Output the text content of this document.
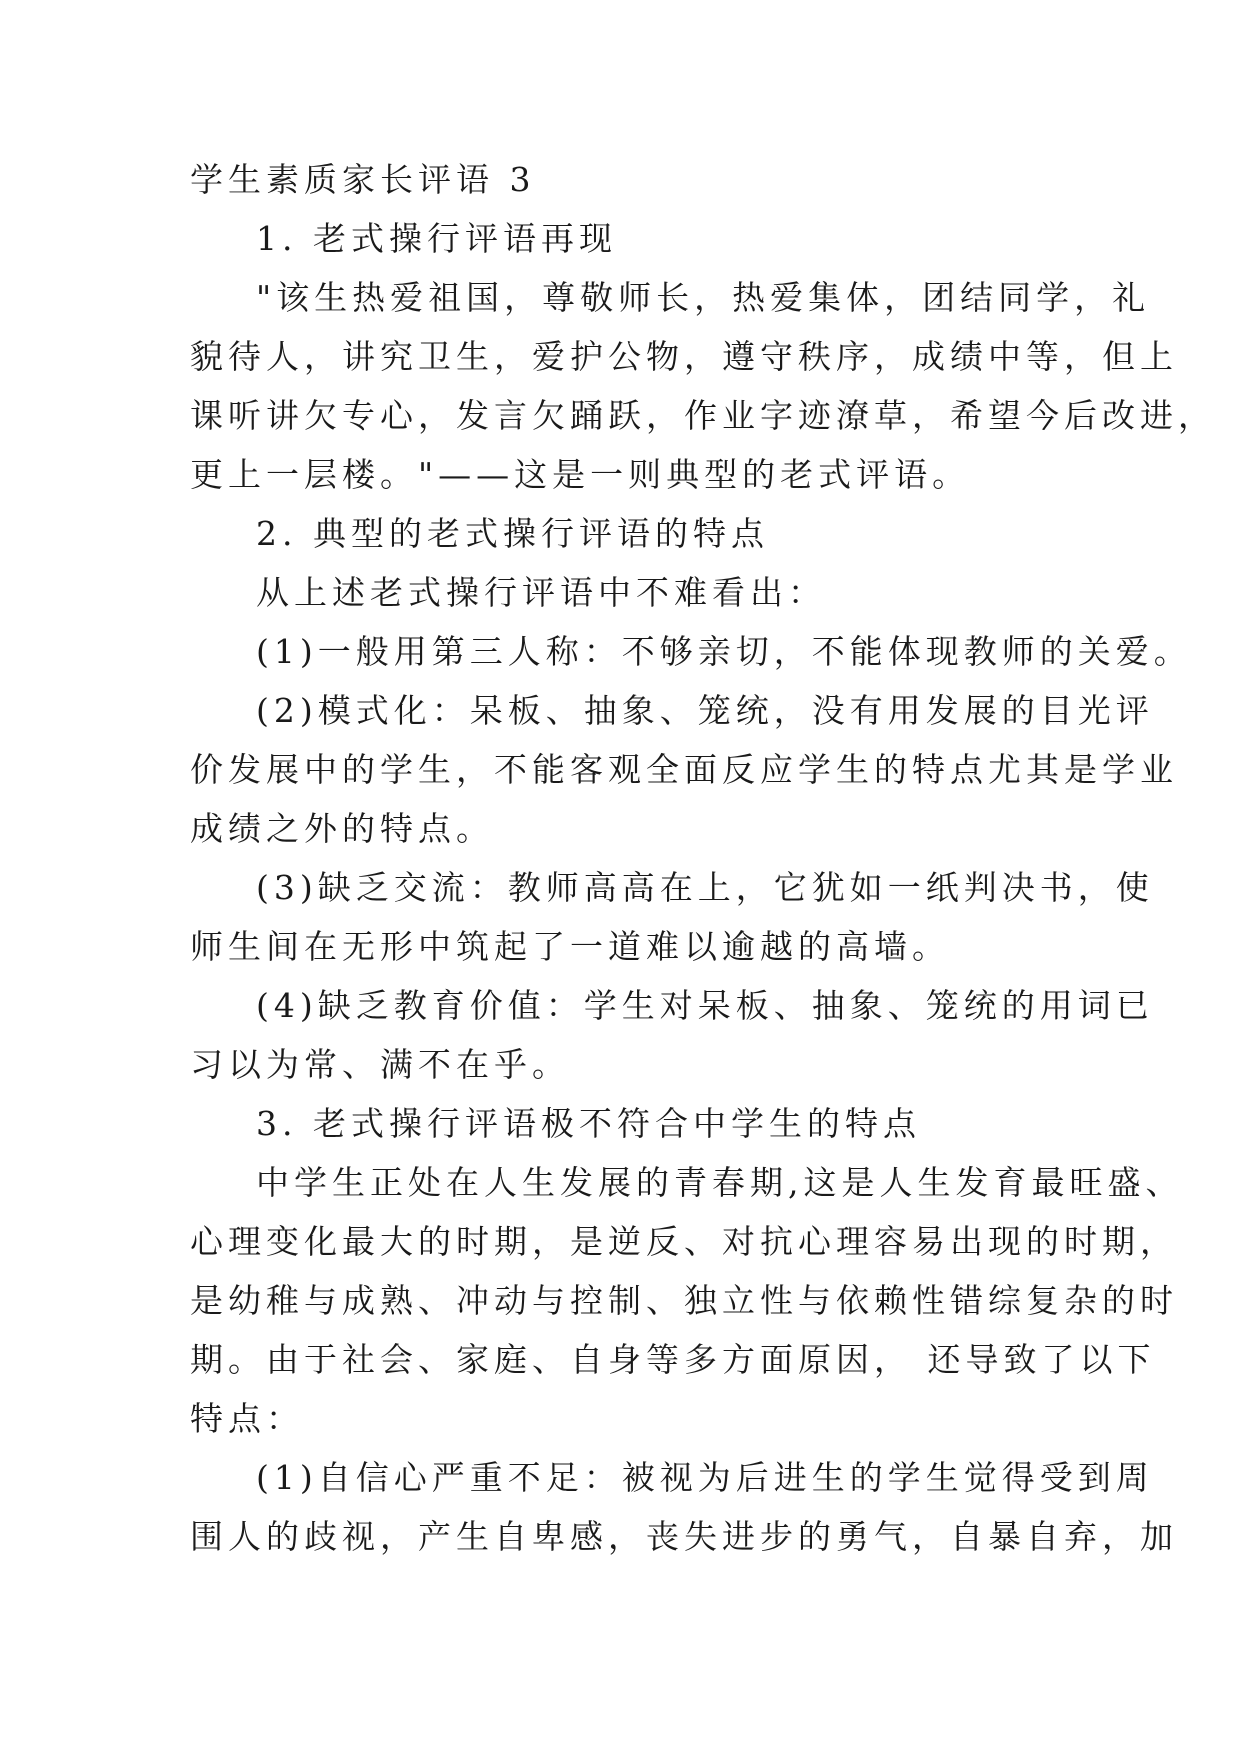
学生素质家长评语 3
1. 老式操行评语再现
"该生热爱祖国，尊敬师长，热爱集体，团结同学，礼
貌待人，讲究卫生，爱护公物，遵守秩序，成绩中等，但上
课听讲欠专心，发言欠踊跃，作业字迹潦草，希望今后改进，
更上一层楼。"——这是一则典型的老式评语。
2. 典型的老式操行评语的特点
从上述老式操行评语中不难看出：
(1)一般用第三人称：不够亲切，不能体现教师的关爱。
(2)模式化：呆板、抽象、笼统，没有用发展的目光评
价发展中的学生，不能客观全面反应学生的特点尤其是学业
成绩之外的特点。
(3)缺乏交流：教师高高在上，它犹如一纸判决书，使
师生间在无形中筑起了一道难以逾越的高墙。
(4)缺乏教育价值：学生对呆板、抽象、笼统的用词已
习以为常、满不在乎。
3. 老式操行评语极不符合中学生的特点
中学生正处在人生发展的青春期,这是人生发育最旺盛、
心理变化最大的时期，是逆反、对抗心理容易出现的时期，
是幼稚与成熟、冲动与控制、独立性与依赖性错综复杂的时
期。由于社会、家庭、自身等多方面原因， 还导致了以下
特点：
(1)自信心严重不足：被视为后进生的学生觉得受到周
围人的歧视，产生自卑感，丧失进步的勇气，自暴自弃，加
